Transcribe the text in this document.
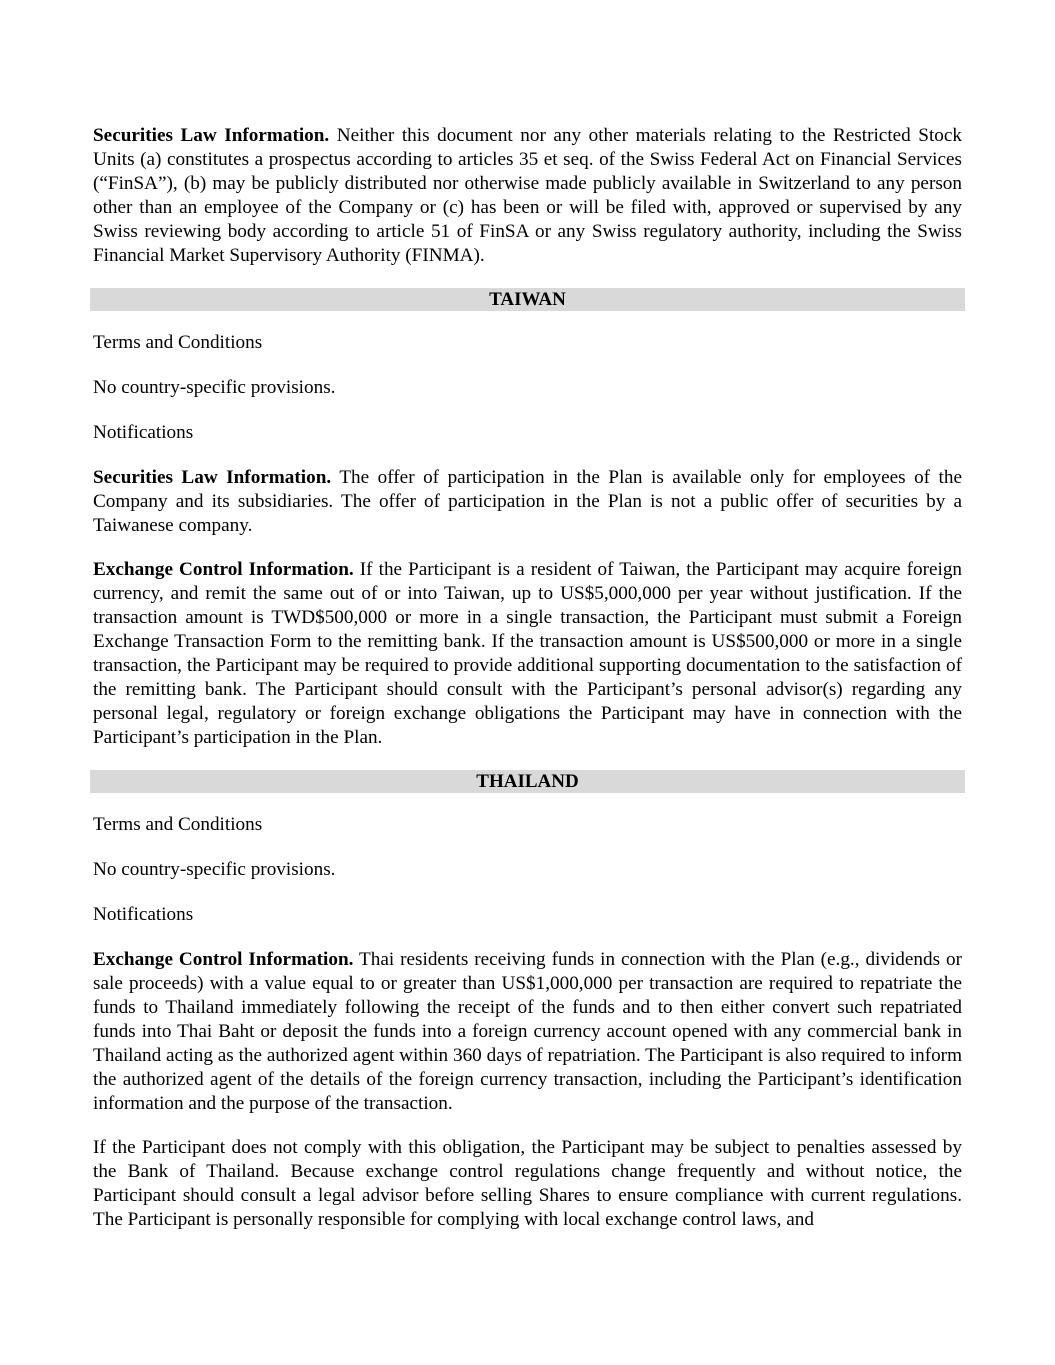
Securities Law Information. Neither this document nor any other materials relating to the Restricted Stock Units (a) constitutes a prospectus according to articles 35 et seq. of the Swiss Federal Act on Financial Services (“FinSA”), (b) may be publicly distributed nor otherwise made publicly available in Switzerland to any person other than an employee of the Company or (c) has been or will be filed with, approved or supervised by any Swiss reviewing body according to article 51 of FinSA or any Swiss regulatory authority, including the Swiss Financial Market Supervisory Authority (FINMA).

TAIWAN

Terms and Conditions

No country-specific provisions.

Notifications

Securities Law Information. The offer of participation in the Plan is available only for employees of the Company and its subsidiaries. The offer of participation in the Plan is not a public offer of securities by a Taiwanese company.

Exchange Control Information. If the Participant is a resident of Taiwan, the Participant may acquire foreign currency, and remit the same out of or into Taiwan, up to US$5,000,000 per year without justification. If the transaction amount is TWD$500,000 or more in a single transaction, the Participant must submit a Foreign Exchange Transaction Form to the remitting bank. If the transaction amount is US$500,000 or more in a single transaction, the Participant may be required to provide additional supporting documentation to the satisfaction of the remitting bank. The Participant should consult with the Participant’s personal advisor(s) regarding any personal legal, regulatory or foreign exchange obligations the Participant may have in connection with the Participant’s participation in the Plan.

THAILAND

Terms and Conditions

No country-specific provisions.

Notifications

Exchange Control Information. Thai residents receiving funds in connection with the Plan (e.g., dividends or sale proceeds) with a value equal to or greater than US$1,000,000 per transaction are required to repatriate the funds to Thailand immediately following the receipt of the funds and to then either convert such repatriated funds into Thai Baht or deposit the funds into a foreign currency account opened with any commercial bank in Thailand acting as the authorized agent within 360 days of repatriation. The Participant is also required to inform the authorized agent of the details of the foreign currency transaction, including the Participant’s identification information and the purpose of the transaction.

If the Participant does not comply with this obligation, the Participant may be subject to penalties assessed by the Bank of Thailand. Because exchange control regulations change frequently and without notice, the Participant should consult a legal advisor before selling Shares to ensure compliance with current regulations. The Participant is personally responsible for complying with local exchange control laws, and
